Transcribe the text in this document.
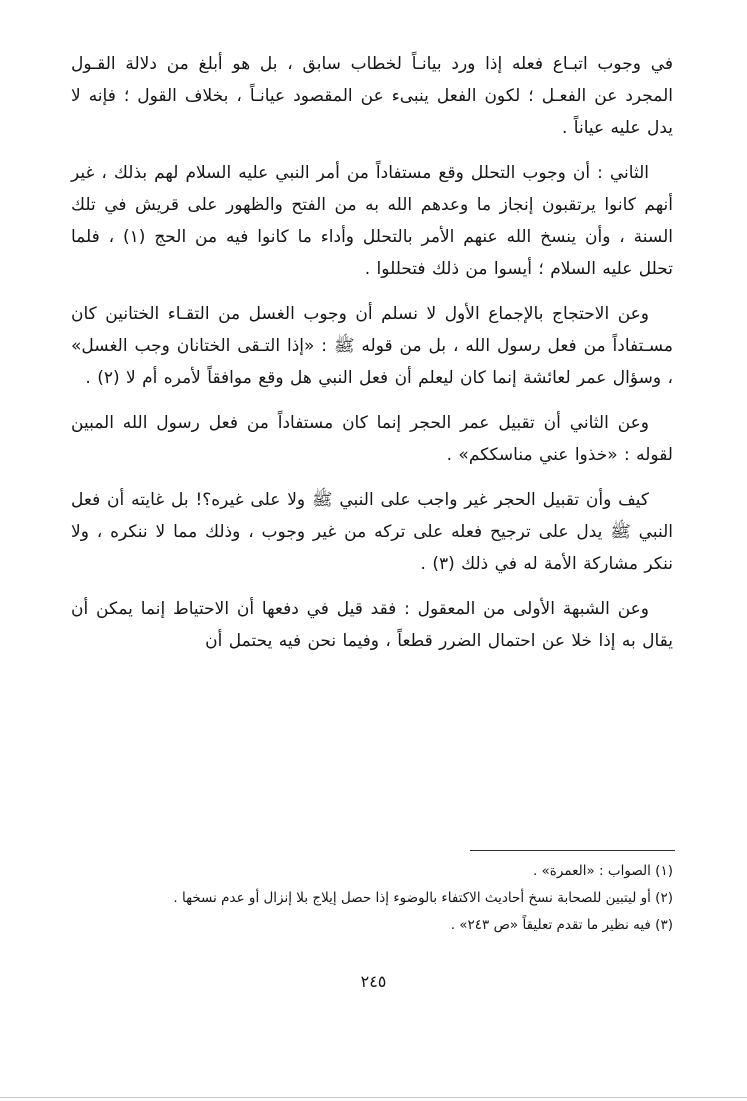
في وجوب اتبـاع فعله إذا ورد بيانـاً لخطاب سابق ، بل هو أبلغ من دلالة القـول المجرد عن الفعـل ؛ لكون الفعل ينبىء عن المقصود عيانـاً ، بخلاف القول ؛ فإنه لا يدل عليه عياناً .

الثاني : أن وجوب التحلل وقع مستفاداً من أمر النبي عليه السلام لهم بذلك ، غير أنهم كانوا يرتقبون إنجاز ما وعدهم الله به من الفتح والظهور على قريش في تلك السنة ، وأن ينسخ الله عنهم الأمر بالتحلل وأداء ما كانوا فيه من الحج (١) ، فلما تحلل عليه السلام ؛ أيسوا من ذلك فتحللوا .

وعن الاحتجاج بالإجماع الأول لا نسلم أن وجوب الغسل من التقـاء الختانين كان مسـتفاداً من فعل رسول الله ، بل من قوله ﷺ : «إذا التـقى الختانان وجب الغسل» ، وسؤال عمر لعائشة إنما كان ليعلم أن فعل النبي هل وقع موافقاً لأمره أم لا (٢) .

وعن الثاني أن تقبيل عمر الحجر إنما كان مستفاداً من فعل رسول الله المبين لقوله : «خذوا عني مناسككم» .

كيف وأن تقبيل الحجر غير واجب على النبي ﷺ ولا على غيره؟! بل غايته أن فعل النبي ﷺ يدل على ترجيح فعله على تركه من غير وجوب ، وذلك مما لا ننكره ، ولا ننكر مشاركة الأمة له في ذلك (٣) .

وعن الشبهة الأولى من المعقول : فقد قيل في دفعها أن الاحتياط إنما يمكن أن يقال به إذا خلا عن احتمال الضرر قطعاً ، وفيما نحن فيه يحتمل أن

(١) الصواب : «العمرة» .

(٢) أو ليتبين للصحابة نسخ أحاديث الاكتفاء بالوضوء إذا حصل إيلاج بلا إنزال أو عدم نسخها .

(٣) فيه نظير ما تقدم تعليقاً «ص ٢٤٣» .

٢٤٥
